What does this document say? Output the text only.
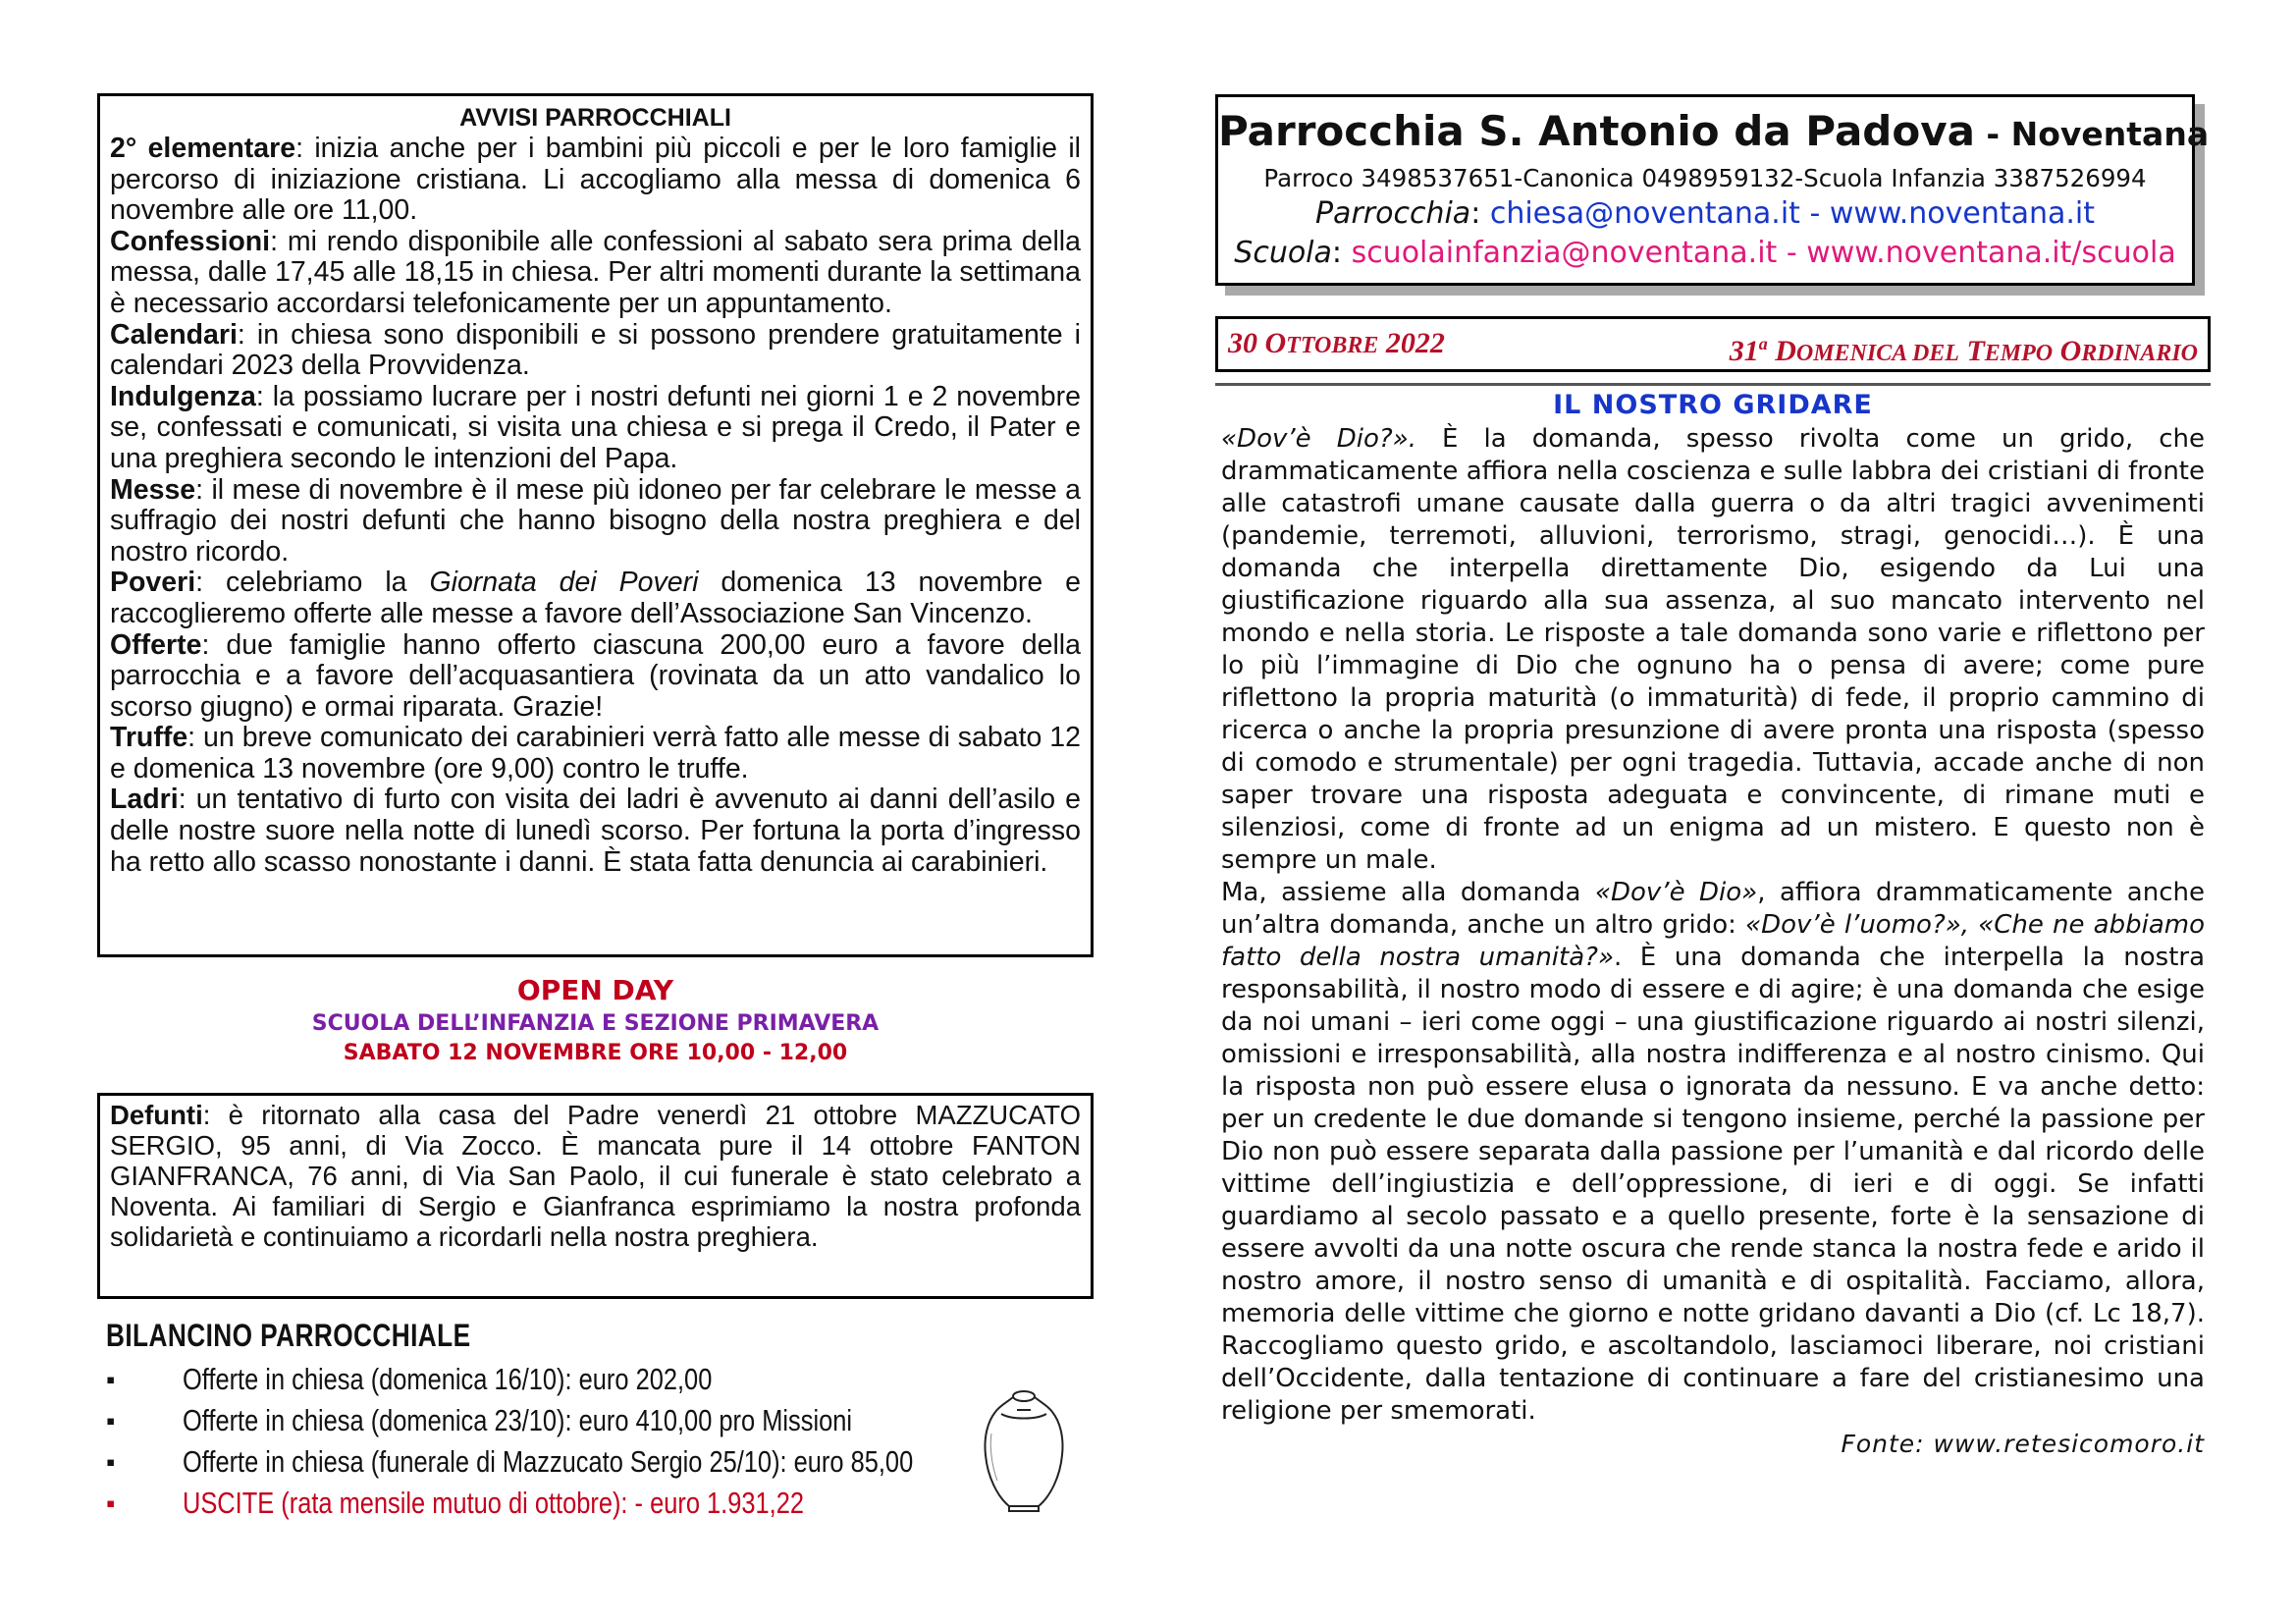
AVVISI PARROCCHIALI

2° elementare: inizia anche per i bambini più piccoli e per le loro famiglie il percorso di iniziazione cristiana. Li accogliamo alla messa di domenica 6 novembre alle ore 11,00.

Confessioni: mi rendo disponibile alle confessioni al sabato sera prima della messa, dalle 17,45 alle 18,15 in chiesa. Per altri momenti durante la settimana è necessario accordarsi telefonicamente per un appuntamento.

Calendari: in chiesa sono disponibili e si possono prendere gratuitamente i calendari 2023 della Provvidenza.

Indulgenza: la possiamo lucrare per i nostri defunti nei giorni 1 e 2 novembre se, confessati e comunicati, si visita una chiesa e si prega il Credo, il Pater e una preghiera secondo le intenzioni del Papa.

Messe: il mese di novembre è il mese più idoneo per far celebrare le messe a suffragio dei nostri defunti che hanno bisogno della nostra preghiera e del nostro ricordo.

Poveri: celebriamo la Giornata dei Poveri domenica 13 novembre e raccoglieremo offerte alle messe a favore dell’Associazione San Vincenzo.

Offerte: due famiglie hanno offerto ciascuna 200,00 euro a favore della parrocchia e a favore dell’acquasantiera (rovinata da un atto vandalico lo scorso giugno) e ormai riparata. Grazie!

Truffe: un breve comunicato dei carabinieri verrà fatto alle messe di sabato 12 e domenica 13 novembre (ore 9,00) contro le truffe.

Ladri: un tentativo di furto con visita dei ladri è avvenuto ai danni dell’asilo e delle nostre suore nella notte di lunedì scorso. Per fortuna la porta d’ingresso ha retto allo scasso nonostante i danni. È stata fatta denuncia ai carabinieri.

OPEN DAY
SCUOLA DELL’INFANZIA E SEZIONE PRIMAVERA
SABATO 12 NOVEMBRE ORE 10,00 - 12,00
Defunti: è ritornato alla casa del Padre venerdì 21 ottobre MAZZUCATO SERGIO, 95 anni, di Via Zocco. È mancata pure il 14 ottobre FANTON GIANFRANCA, 76 anni, di Via San Paolo, il cui funerale è stato celebrato a Noventa. Ai familiari di Sergio e Gianfranca esprimiamo la nostra profonda solidarietà e continuiamo a ricordarli nella nostra preghiera.
BILANCINO PARROCCHIALE
▪ Offerte in chiesa (domenica 16/10): euro 202,00
▪ Offerte in chiesa (domenica 23/10): euro 410,00 pro Missioni
▪ Offerte in chiesa (funerale di Mazzucato Sergio 25/10): euro 85,00
▪ USCITE (rata mensile mutuo di ottobre): - euro 1.931,22
Parrocchia S. Antonio da Padova - Noventana
Parroco 3498537651-Canonica 0498959132-Scuola Infanzia 3387526994
Parrocchia: chiesa@noventana.it - www.noventana.it
Scuola: scuolainfanzia@noventana.it - www.noventana.it/scuola
30 OTTOBRE 2022	31$^a$ DOMENICA DEL TEMPO ORDINARIO
IL NOSTRO GRIDARE

«Dov’è Dio?». È la domanda, spesso rivolta come un grido, che drammaticamente affiora nella coscienza e sulle labbra dei cristiani di fronte alle catastrofi umane causate dalla guerra o da altri tragici avvenimenti (pandemie, terremoti, alluvioni, terrorismo, stragi, genocidi…). È una domanda che interpella direttamente Dio, esigendo da Lui una giustificazione riguardo alla sua assenza, al suo mancato intervento nel mondo e nella storia. Le risposte a tale domanda sono varie e riflettono per lo più l’immagine di Dio che ognuno ha o pensa di avere; come pure riflettono la propria maturità (o immaturità) di fede, il proprio cammino di ricerca o anche la propria presunzione di avere pronta una risposta (spesso di comodo e strumentale) per ogni tragedia. Tuttavia, accade anche di non saper trovare una risposta adeguata e convincente, di rimane muti e silenziosi, come di fronte ad un enigma ad un mistero. E questo non è sempre un male.

Ma, assieme alla domanda «Dov’è Dio», affiora drammaticamente anche un’altra domanda, anche un altro grido: «Dov’è l’uomo?», «Che ne abbiamo fatto della nostra umanità?». È una domanda che interpella la nostra responsabilità, il nostro modo di essere e di agire; è una domanda che esige da noi umani – ieri come oggi – una giustificazione riguardo ai nostri silenzi, omissioni e irresponsabilità, alla nostra indifferenza e al nostro cinismo. Qui la risposta non può essere elusa o ignorata da nessuno. E va anche detto: per un credente le due domande si tengono insieme, perché la passione per Dio non può essere separata dalla passione per l’umanità e dal ricordo delle vittime dell’ingiustizia e dell’oppressione, di ieri e di oggi. Se infatti guardiamo al secolo passato e a quello presente, forte è la sensazione di essere avvolti da una notte oscura che rende stanca la nostra fede e arido il nostro amore, il nostro senso di umanità e di ospitalità. Facciamo, allora, memoria delle vittime che giorno e notte gridano davanti a Dio (cf. Lc 18,7). Raccogliamo questo grido, e ascoltandolo, lasciamoci liberare, noi cristiani dell’Occidente, dalla tentazione di continuare a fare del cristianesimo una religione per smemorati.

Fonte: www.retesicomoro.it
